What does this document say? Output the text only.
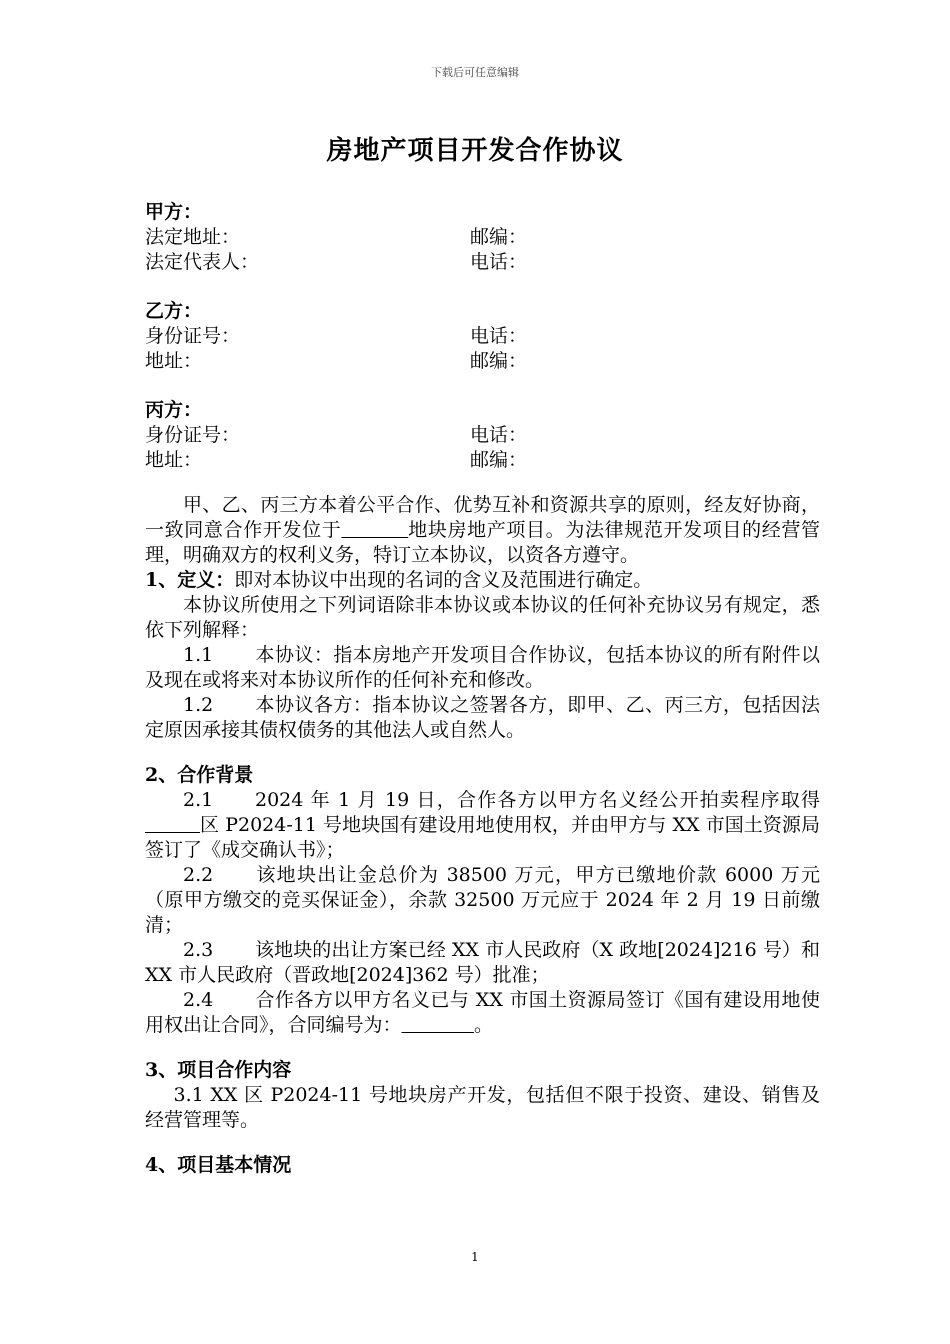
下载后可任意编辑
房地产项目开发合作协议
甲方：
法定地址：	邮编：
法定代表人：	电话：
乙方：
身份证号：	电话：
地址：	邮编：
丙方：
身份证号：	电话：
地址：	邮编：

甲、乙、丙三方本着公平合作、优势互补和资源共享的原则，经友好协商，一致同意合作开发位于	地块房地产项目。为法律规范开发项目的经营管理，明确双方的权利义务，特订立本协议，以资各方遵守。

1、定义：即对本协议中出现的名词的含义及范围进行确定。

本协议所使用之下列词语除非本协议或本协议的任何补充协议另有规定，悉依下列解释：

1.1 本协议：指本房地产开发项目合作协议，包括本协议的所有附件以及现在或将来对本协议所作的任何补充和修改。

1.2 本协议各方：指本协议之签署各方，即甲、乙、丙三方，包括因法定原因承接其债权债务的其他法人或自然人。

2、合作背景

2.1 2024 年 1 月 19 日，合作各方以甲方名义经公开拍卖程序取得          区 P2024-11 号地块国有建设用地使用权，并由甲方与 XX 市国土资源局签订了《成交确认书》；

2.2 该地块出让金总价为 38500 万元，甲方已缴地价款 6000 万元（原甲方缴交的竞买保证金），余款 32500 万元应于 2024 年 2 月 19 日前缴清；

2.3 该地块的出让方案已经 XX 市人民政府（X 政地[2024]216 号）和 XX 市人民政府（晋政地[2024]362 号）批准；

2.4 合作各方以甲方名义已与 XX 市国土资源局签订《国有建设用地使用权出让合同》，合同编号为：	。

3、项目合作内容

3.1 XX 区 P2024-11 号地块房产开发，包括但不限于投资、建设、销售及经营管理等。

4、项目基本情况

1
